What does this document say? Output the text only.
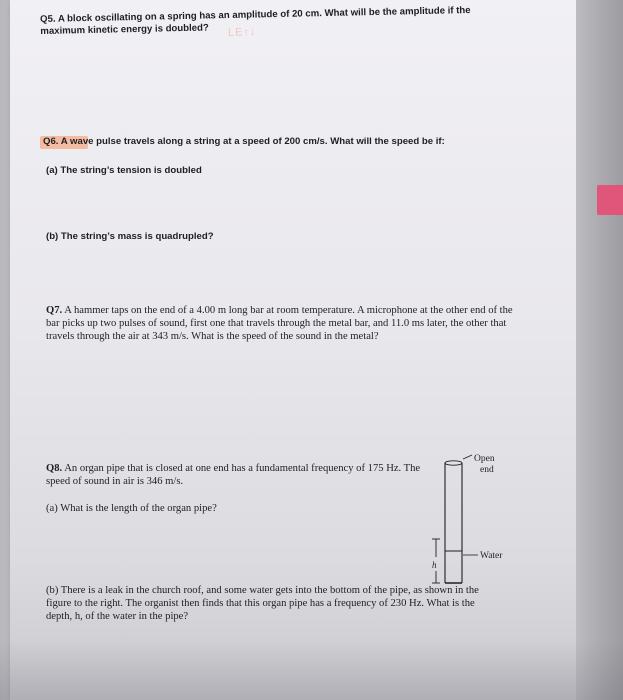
Q5. A block oscillating on a spring has an amplitude of 20 cm. What will be the amplitude if the maximum kinetic energy is doubled?	LE↑↓

Q6. A wave pulse travels along a string at a speed of 200 cm/s. What will the speed be if:

(a) The string’s tension is doubled

(b) The string’s mass is quadrupled?

Q7. A hammer taps on the end of a 4.00 m long bar at room temperature. A microphone at the other end of the bar picks up two pulses of sound, first one that travels through the metal bar, and 11.0 ms later, the other that travels through the air at 343 m/s. What is the speed of the sound in the metal?

Q8. An organ pipe that is closed at one end has a fundamental frequency of 175 Hz. The speed of sound in air is 346 m/s.

(a) What is the length of the organ pipe?

(b) There is a leak in the church roof, and some water gets into the bottom of the pipe, as shown in the figure to the right. The organist then finds that this organ pipe has a frequency of 230 Hz. What is the depth, h, of the water in the pipe?

h
Open
end
Water
